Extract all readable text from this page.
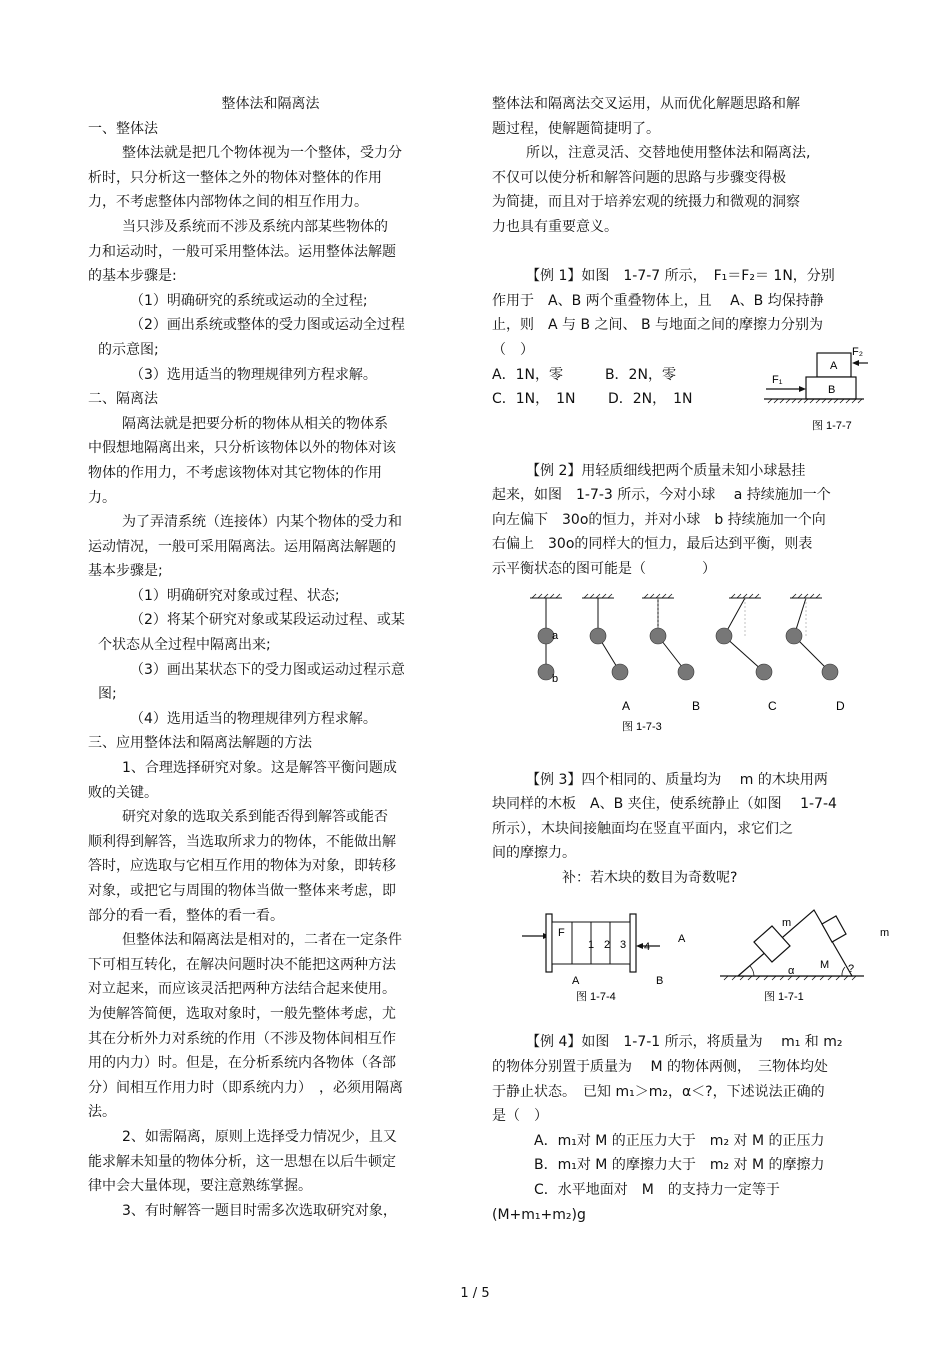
整体法和隔离法
一、整体法
整体法就是把几个物体视为一个整体，受力分
析时，只分析这一整体之外的物体对整体的作用
力，不考虑整体内部物体之间的相互作用力。
当只涉及系统而不涉及系统内部某些物体的
力和运动时，一般可采用整体法。运用整体法解题
的基本步骤是:
（1）明确研究的系统或运动的全过程;
（2）画出系统或整体的受力图或运动全过程
的示意图;
（3）选用适当的物理规律列方程求解。
二、隔离法
隔离法就是把要分析的物体从相关的物体系
中假想地隔离出来，只分析该物体以外的物体对该
物体的作用力，不考虑该物体对其它物体的作用
力。
为了弄清系统（连接体）内某个物体的受力和
运动情况，一般可采用隔离法。运用隔离法解题的
基本步骤是;
（1）明确研究对象或过程、状态;
（2）将某个研究对象或某段运动过程、或某
个状态从全过程中隔离出来;
（3）画出某状态下的受力图或运动过程示意
图;
（4）选用适当的物理规律列方程求解。
三、应用整体法和隔离法解题的方法
1、合理选择研究对象。这是解答平衡问题成
败的关键。
研究对象的选取关系到能否得到解答或能否
顺利得到解答，当选取所求力的物体，不能做出解
答时，应选取与它相互作用的物体为对象，即转移
对象，或把它与周围的物体当做一整体来考虑，即
部分的看一看，整体的看一看。
但整体法和隔离法是相对的，二者在一定条件
下可相互转化，在解决问题时决不能把这两种方法
对立起来，而应该灵活把两种方法结合起来使用。
为使解答简便，选取对象时，一般先整体考虑，尤
其在分析外力对系统的作用（不涉及物体间相互作
用的内力）时。但是，在分析系统内各物体（各部
分）间相互作用力时（即系统内力）　，必须用隔离
法。
2、如需隔离，原则上选择受力情况少，且又
能求解未知量的物体分析，这一思想在以后牛顿定
律中会大量体现，要注意熟练掌握。
3、有时解答一题目时需多次选取研究对象，
整体法和隔离法交叉运用，从而优化解题思路和解
题过程，使解题简捷明了。
所以，注意灵活、交替地使用整体法和隔离法,
不仅可以使分析和解答问题的思路与步骤变得极
为简捷，而且对于培养宏观的统摄力和微观的洞察
力也具有重要意义。
【例 1】如图　1-7-7 所示，　F₁＝F₂＝ 1N，分别
作用于　A、B 两个重叠物体上，且　 A、B 均保持静
止，则　A 与 B 之间、 B 与地面之间的摩擦力分别为
（　）
A．1N，零　　　B．2N，零
C．1N，　1N　　 D．2N，　1N
A
B
F₁
F₂
图 1-7-7
【例 2】用轻质细线把两个质量未知小球悬挂
起来，如图　1-7-3 所示，今对小球　 a 持续施加一个
向左偏下　30o的恒力，并对小球　b 持续施加一个向
右偏上　30o的同样大的恒力，最后达到平衡，则表
示平衡状态的图可能是（　　　　）
a
b
A	B	C	D
图 1-7-3
【例 3】四个相同的、质量均为　 m 的木块用两
块同样的木板　A、B 夹住，使系统静止（如图　 1-7-4
所示），木块间接触面均在竖直平面内，求它们之
间的摩擦力。
补：若木块的数目为奇数呢?
F
1 2 3 4
A	B
A
图 1-7-4
m
M
α	?
m
图 1-7-1
【例 4】如图　1-7-1 所示，将质量为　 m₁ 和 m₂
的物体分别置于质量为　 M 的物体两侧，　三物体均处
于静止状态。　已知 m₁＞m₂，α＜?，下述说法正确的
是（　）
A．m₁对 M 的正压力大于　m₂ 对 M 的正压力
B．m₁对 M 的摩擦力大于　m₂ 对 M 的摩擦力
C．水平地面对　M　的支持力一定等于
(M+m₁+m₂)g
1 / 5
